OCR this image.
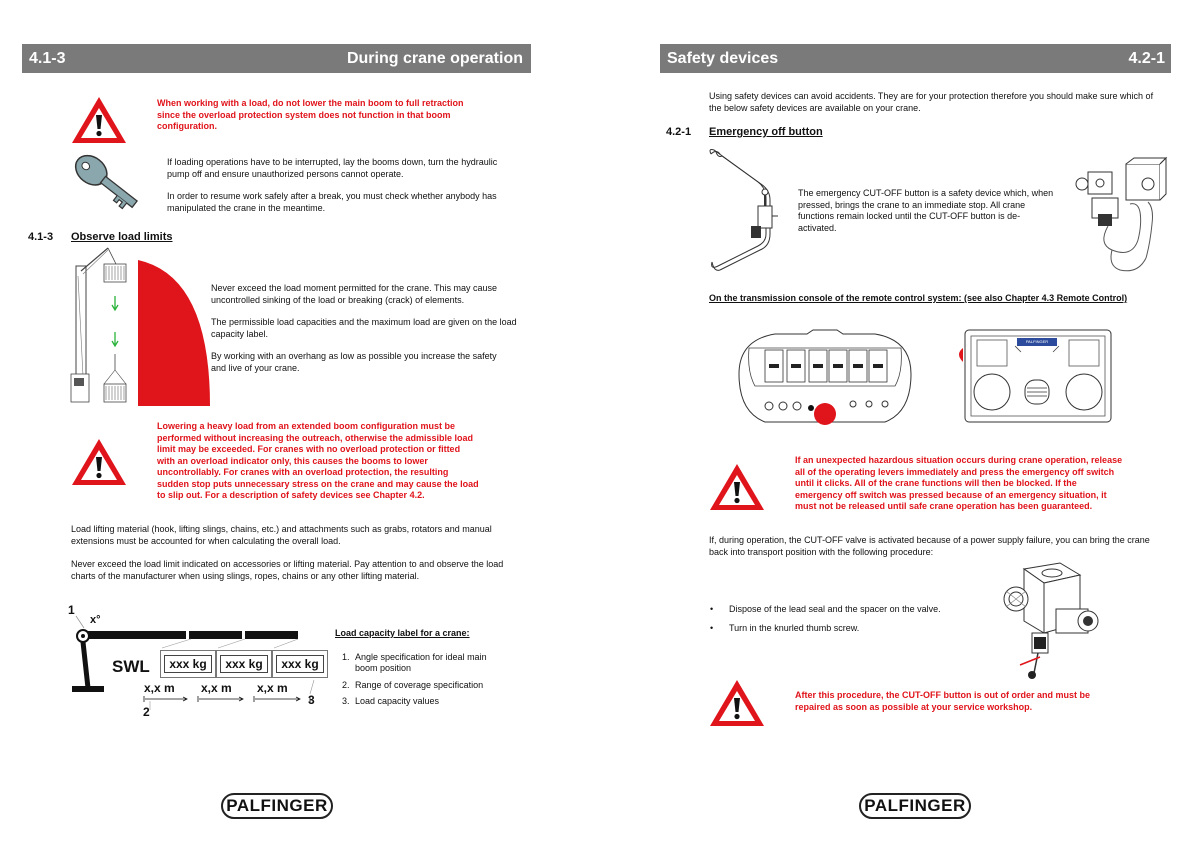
4.1-3	During crane operation
When working with a load, do not lower the main boom to full retraction since the overload protection system does not function in that boom configuration.
If loading operations have to be interrupted, lay the booms down, turn the hydraulic pump off and ensure unauthorized persons cannot operate.
In order to resume work safely after a break, you must check whether anybody has manipulated the crane in the meantime.
4.1-3 Observe load limits
Never exceed the load moment permitted for the crane. This may cause uncontrolled sinking of the load or breaking (crack) of elements.
The permissible load capacities and the maximum load are given on the load capacity label.
By working with an overhang as low as possible you increase the safety and live of your crane.
Lowering a heavy load from an extended boom configuration must be performed without increasing the outreach, otherwise the admissible load limit may be exceeded. For cranes with no overload protection or fitted with an overload indicator only, this causes the booms to lower uncontrollably. For cranes with an overload protection, the resulting sudden stop puts unnecessary stress on the crane and may cause the load to slip out. For a description of safety devices see Chapter 4.2.
Load lifting material (hook, lifting slings, chains, etc.) and attachments such as grabs, rotators and manual extensions must be accounted for when calculating the overall load.
Never exceed the load limit indicated on accessories or lifting material. Pay attention to and observe the load charts of the manufacturer when using slings, ropes, chains or any other lifting material.
1
x°
SWL	xxx kg	xxx kg	xxx kg
x,x m x,x m x,x m
2
3
Load capacity label for a crane:
1. Angle specification for ideal main boom position
2. Range of coverage specification
3. Load capacity values
PALFINGER
Safety devices	4.2-1
Using safety devices can avoid accidents. They are for your protection therefore you should make sure which of the below safety devices are available on your crane.
4.2-1 Emergency off button
The emergency CUT-OFF button is a safety device which, when pressed, brings the crane to an immediate stop. All crane functions remain locked until the CUT-OFF button is de-activated.
On the transmission console of the remote control system: (see also Chapter 4.3 Remote Control)
PALFINGER
If an unexpected hazardous situation occurs during crane operation, release all of the operating levers immediately and press the emergency off switch until it clicks. All of the crane functions will then be blocked. If the emergency off switch was pressed because of an emergency situation, it must not be released until safe crane operation has been guaranteed.
If, during operation, the CUT-OFF valve is activated because of a power supply failure, you can bring the crane back into transport position with the following procedure:
• Dispose of the lead seal and the spacer on the valve.
• Turn in the knurled thumb screw.
After this procedure, the CUT-OFF button is out of order and must be repaired as soon as possible at your service workshop.
PALFINGER
